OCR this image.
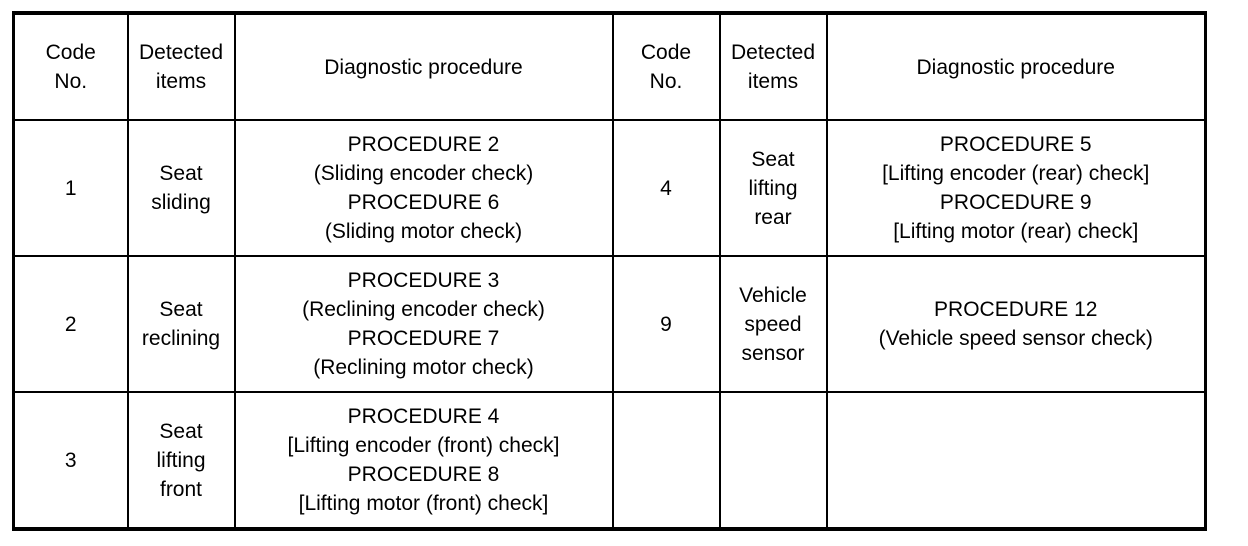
Code
No.	Detected
items	Diagnostic procedure	Code
No.	Detected
items	Diagnostic procedure

1	Seat
sliding	PROCEDURE 2
(Sliding encoder check)
PROCEDURE 6
(Sliding motor check)	4	Seat
lifting
rear	PROCEDURE 5
[Lifting encoder (rear) check]
PROCEDURE 9
[Lifting motor (rear) check]

2	Seat
reclining	PROCEDURE 3
(Reclining encoder check)
PROCEDURE 7
(Reclining motor check)	9	Vehicle
speed
sensor	PROCEDURE 12
(Vehicle speed sensor check)

3	Seat
lifting
front	PROCEDURE 4
[Lifting encoder (front) check]
PROCEDURE 8
[Lifting motor (front) check]			
